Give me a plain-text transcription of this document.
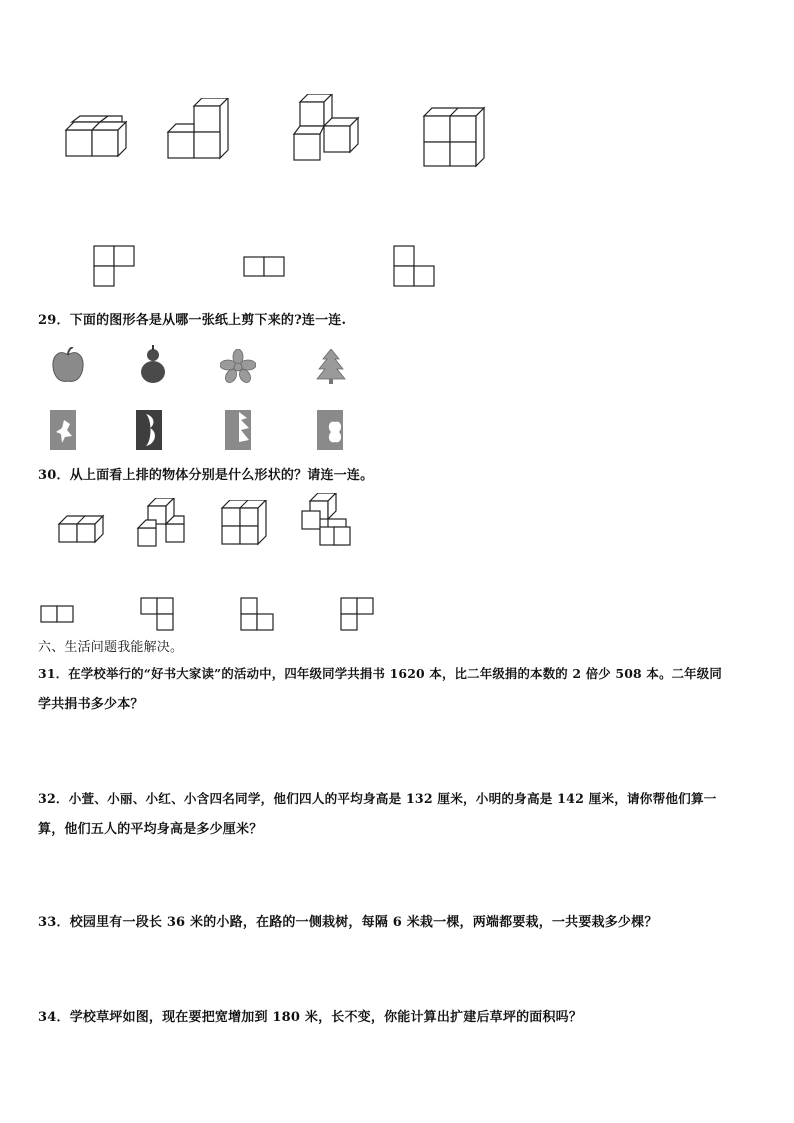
29．下面的图形各是从哪一张纸上剪下来的?连一连.
30．从上面看上排的物体分别是什么形状的？请连一连。
六、生活问题我能解决。
31．在学校举行的“好书大家读”的活动中，四年级同学共捐书 1620 本，比二年级捐的本数的 2 倍少 508 本。二年级同
学共捐书多少本？
32．小萱、小丽、小红、小含四名同学，他们四人的平均身高是 132 厘米，小明的身高是 142 厘米，请你帮他们算一
算，他们五人的平均身高是多少厘米？
33．校园里有一段长 36 米的小路，在路的一侧栽树，每隔 6 米栽一棵，两端都要栽，一共要栽多少棵？
34．学校草坪如图，现在要把宽增加到 180 米，长不变，你能计算出扩建后草坪的面积吗？
